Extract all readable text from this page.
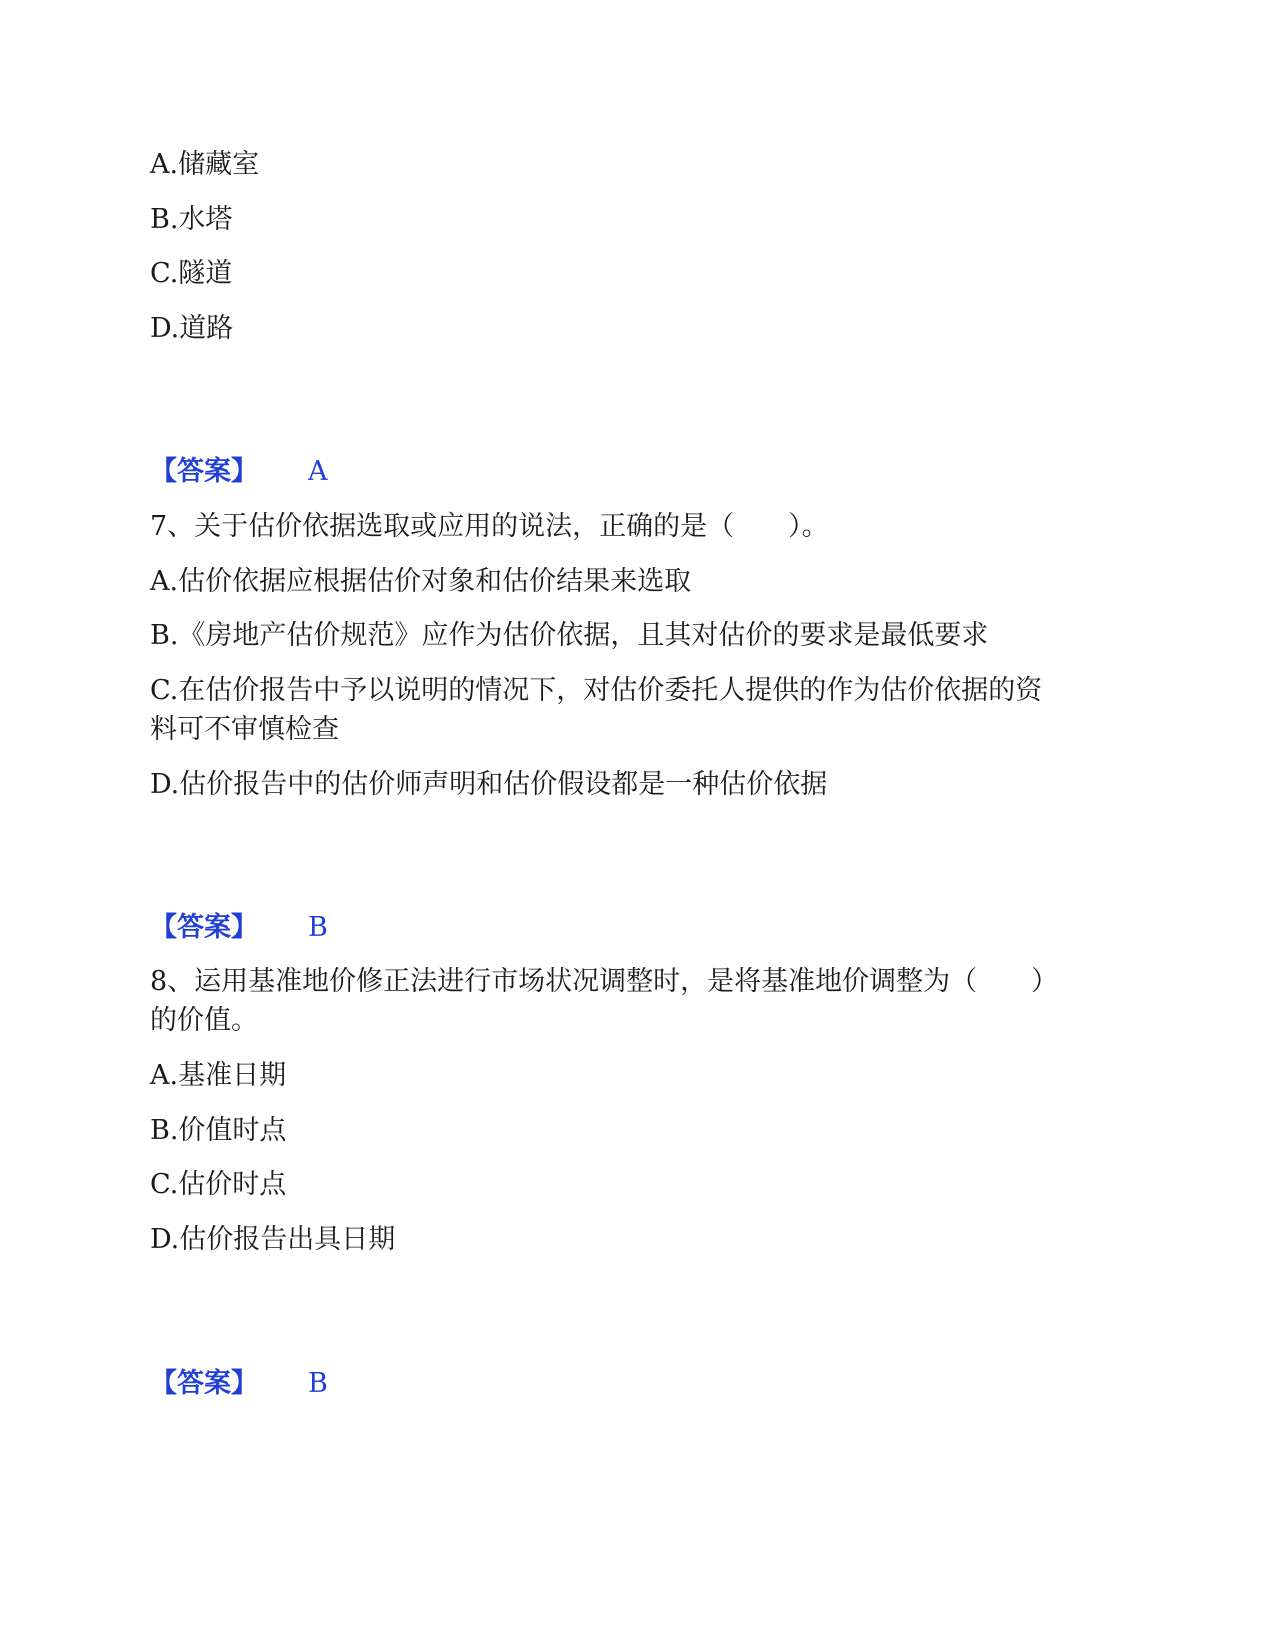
A.储藏室
B.水塔
C.隧道
D.道路
【答案】 A
7、关于估价依据选取或应用的说法，正确的是（　　）。
A.估价依据应根据估价对象和估价结果来选取
B.《房地产估价规范》应作为估价依据，且其对估价的要求是最低要求
C.在估价报告中予以说明的情况下，对估价委托人提供的作为估价依据的资
料可不审慎检查
D.估价报告中的估价师声明和估价假设都是一种估价依据
【答案】 B
8、运用基准地价修正法进行市场状况调整时，是将基准地价调整为（　　）
的价值。
A.基准日期
B.价值时点
C.估价时点
D.估价报告出具日期
【答案】 B
